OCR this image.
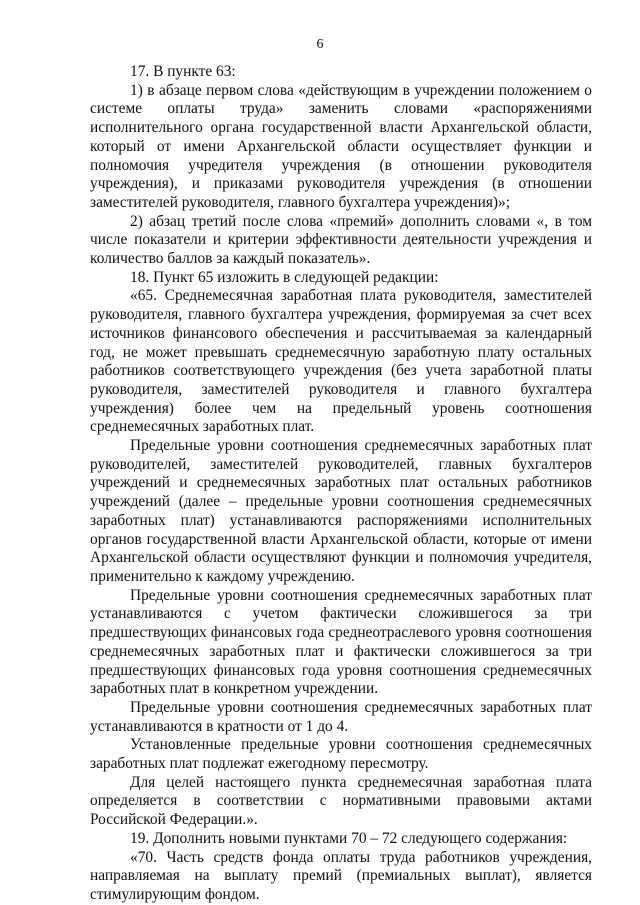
6

17. В пункте 63:

1) в абзаце первом слова «действующим в учреждении положением о системе оплаты труда» заменить словами «распоряжениями исполнительного органа государственной власти Архангельской области, который от имени Архангельской области осуществляет функции и полномочия учредителя учреждения (в отношении руководителя учреждения), и приказами руководителя учреждения (в отношении заместителей руководителя, главного бухгалтера учреждения)»;

2) абзац третий после слова «премий» дополнить словами «, в том числе показатели и критерии эффективности деятельности учреждения и количество баллов за каждый показатель».

18. Пункт 65 изложить в следующей редакции:

«65. Среднемесячная заработная плата руководителя, заместителей руководителя, главного бухгалтера учреждения, формируемая за счет всех источников финансового обеспечения и рассчитываемая за календарный год, не может превышать среднемесячную заработную плату остальных работников соответствующего учреждения (без учета заработной платы руководителя, заместителей руководителя и главного бухгалтера учреждения) более чем на предельный уровень соотношения среднемесячных заработных плат.

Предельные уровни соотношения среднемесячных заработных плат руководителей, заместителей руководителей, главных бухгалтеров учреждений и среднемесячных заработных плат остальных работников учреждений (далее – предельные уровни соотношения среднемесячных заработных плат) устанавливаются распоряжениями исполнительных органов государственной власти Архангельской области, которые от имени Архангельской области осуществляют функции и полномочия учредителя, применительно к каждому учреждению.

Предельные уровни соотношения среднемесячных заработных плат устанавливаются с учетом фактически сложившегося за три предшествующих финансовых года среднеотраслевого уровня соотношения среднемесячных заработных плат и фактически сложившегося за три предшествующих финансовых года уровня соотношения среднемесячных заработных плат в конкретном учреждении.

Предельные уровни соотношения среднемесячных заработных плат устанавливаются в кратности от 1 до 4.

Установленные предельные уровни соотношения среднемесячных заработных плат подлежат ежегодному пересмотру.

Для целей настоящего пункта среднемесячная заработная плата определяется в соответствии с нормативными правовыми актами Российской Федерации.».

19. Дополнить новыми пунктами 70 – 72 следующего содержания:

«70. Часть средств фонда оплаты труда работников учреждения, направляемая на выплату премий (премиальных выплат), является стимулирующим фондом.
